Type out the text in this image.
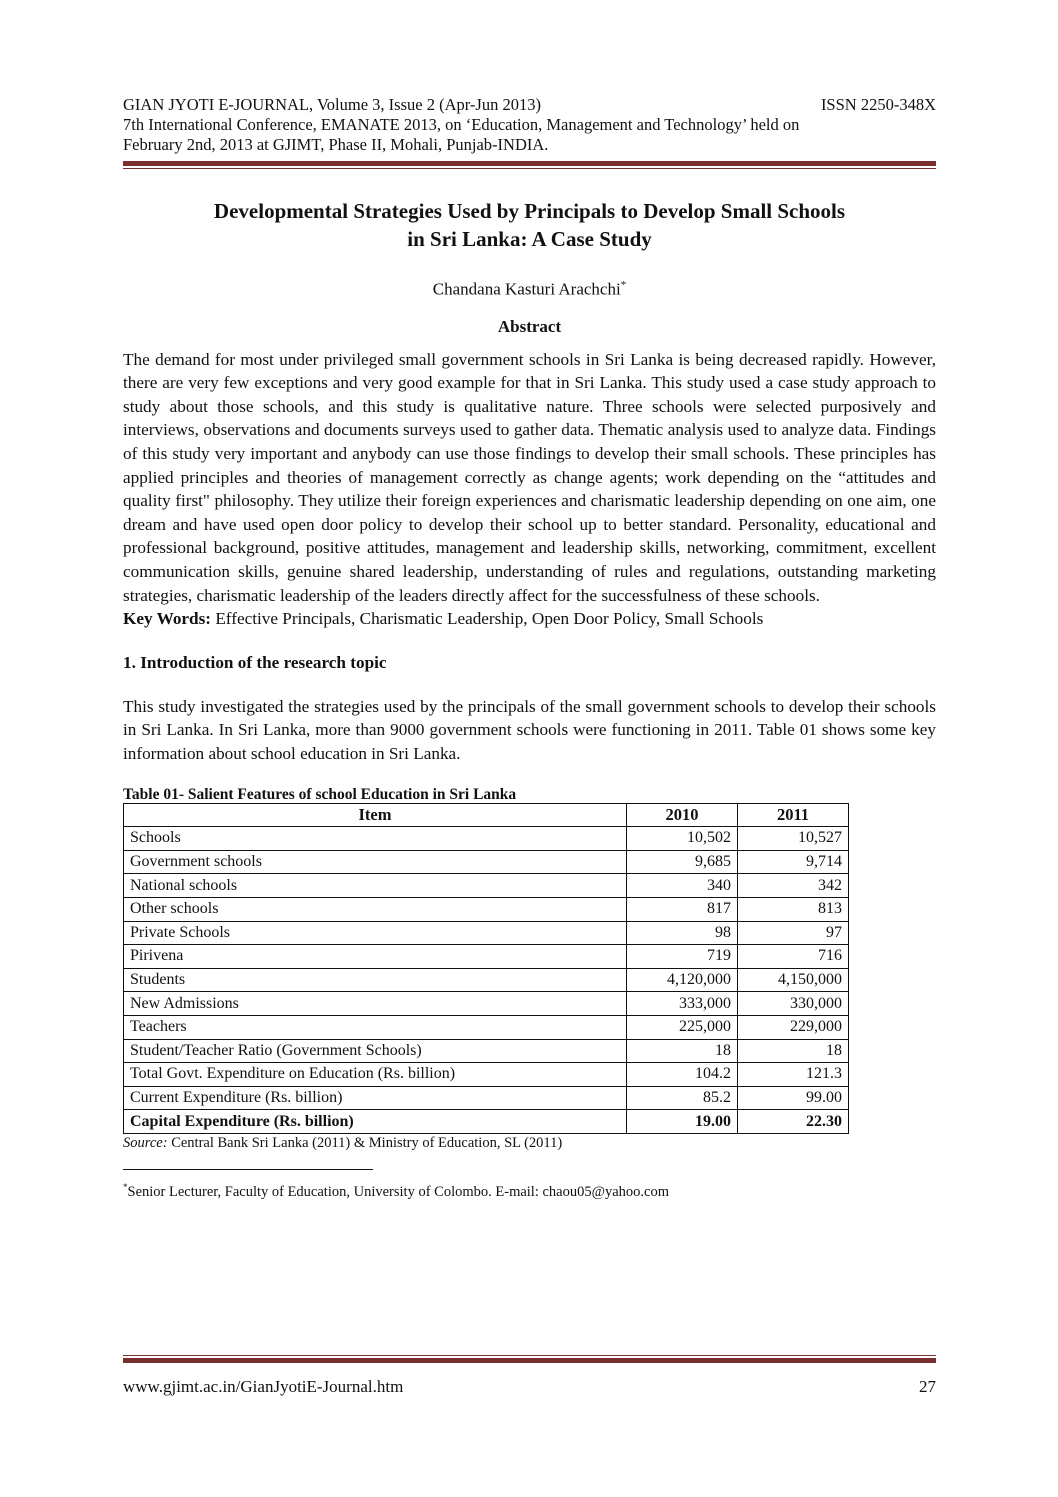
GIAN JYOTI E-JOURNAL, Volume 3, Issue 2 (Apr-Jun 2013)	ISSN 2250-348X
7th International Conference, EMANATE 2013, on ‘Education, Management and Technology’ held on
February 2nd, 2013 at GJIMT, Phase II, Mohali, Punjab-INDIA.
Developmental Strategies Used by Principals to Develop Small Schools
in Sri Lanka: A Case Study
Chandana Kasturi Arachchi*
Abstract
The demand for most under privileged small government schools in Sri Lanka is being decreased rapidly. However, there are very few exceptions and very good example for that in Sri Lanka. This study used a case study approach to study about those schools, and this study is qualitative nature. Three schools were selected purposively and interviews, observations and documents surveys used to gather data. Thematic analysis used to analyze data. Findings of this study very important and anybody can use those findings to develop their small schools. These principles has applied principles and theories of management correctly as change agents; work depending on the “attitudes and quality first" philosophy. They utilize their foreign experiences and charismatic leadership depending on one aim, one dream and have used open door policy to develop their school up to better standard. Personality, educational and professional background, positive attitudes, management and leadership skills, networking, commitment, excellent communication skills, genuine shared leadership, understanding of rules and regulations, outstanding marketing strategies, charismatic leadership of the leaders directly affect for the successfulness of these schools.
Key Words: Effective Principals, Charismatic Leadership, Open Door Policy, Small Schools
1. Introduction of the research topic
This study investigated the strategies used by the principals of the small government schools to develop their schools in Sri Lanka. In Sri Lanka, more than 9000 government schools were functioning in 2011. Table 01 shows some key information about school education in Sri Lanka.
Table 01- Salient Features of school Education in Sri Lanka
Item	2010	2011
Schools	10,502	10,527
Government schools	9,685	9,714
National schools	340	342
Other schools	817	813
Private Schools	98	97
Pirivena	719	716
Students	4,120,000	4,150,000
New Admissions	333,000	330,000
Teachers	225,000	229,000
Student/Teacher Ratio (Government Schools)	18	18
Total Govt. Expenditure on Education (Rs. billion)	104.2	121.3
Current Expenditure (Rs. billion)	85.2	99.00
Capital Expenditure (Rs. billion)	19.00	22.30
Source: Central Bank Sri Lanka (2011) & Ministry of Education, SL (2011)
*Senior Lecturer, Faculty of Education, University of Colombo. E-mail: chaou05@yahoo.com
www.gjimt.ac.in/GianJyotiE-Journal.htm	27
